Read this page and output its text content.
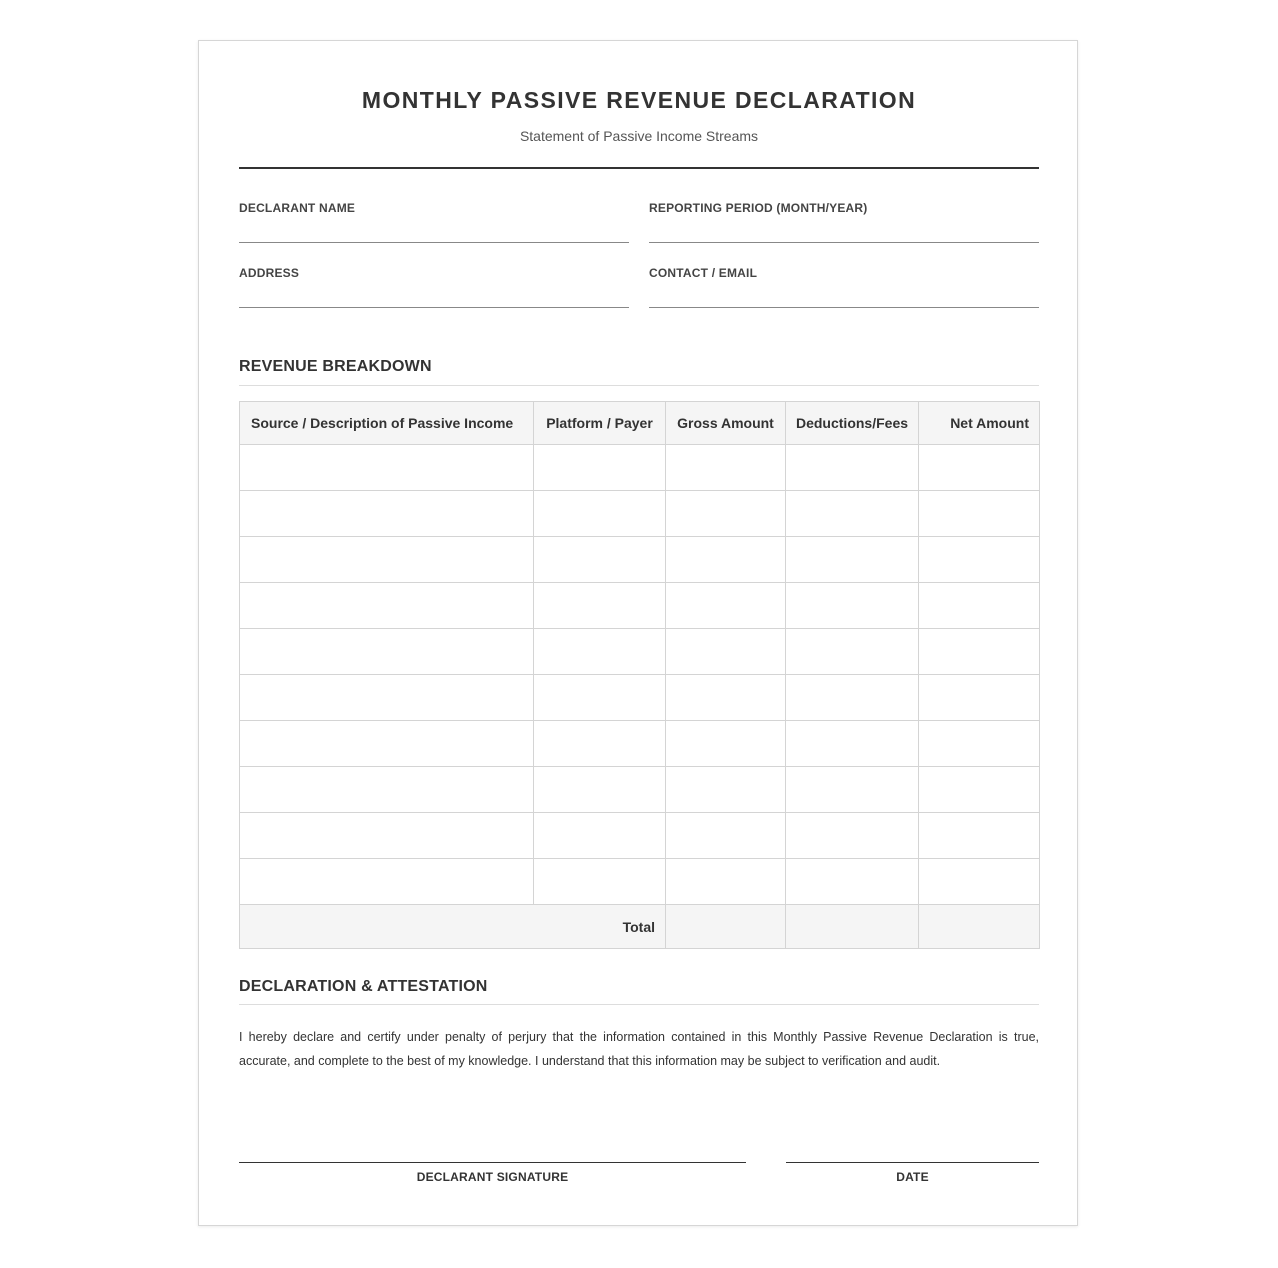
MONTHLY PASSIVE REVENUE DECLARATION
Statement of Passive Income Streams
DECLARANT NAME	REPORTING PERIOD (MONTH/YEAR)
ADDRESS	CONTACT / EMAIL
REVENUE BREAKDOWN
Source / Description of Passive Income	Platform / Payer	Gross Amount	Deductions/Fees	Net Amount

Total				
DECLARATION & ATTESTATION
I hereby declare and certify under penalty of perjury that the information contained in this Monthly Passive Revenue Declaration is true, accurate, and complete to the best of my knowledge. I understand that this information may be subject to verification and audit.
DECLARANT SIGNATURE	DATE
